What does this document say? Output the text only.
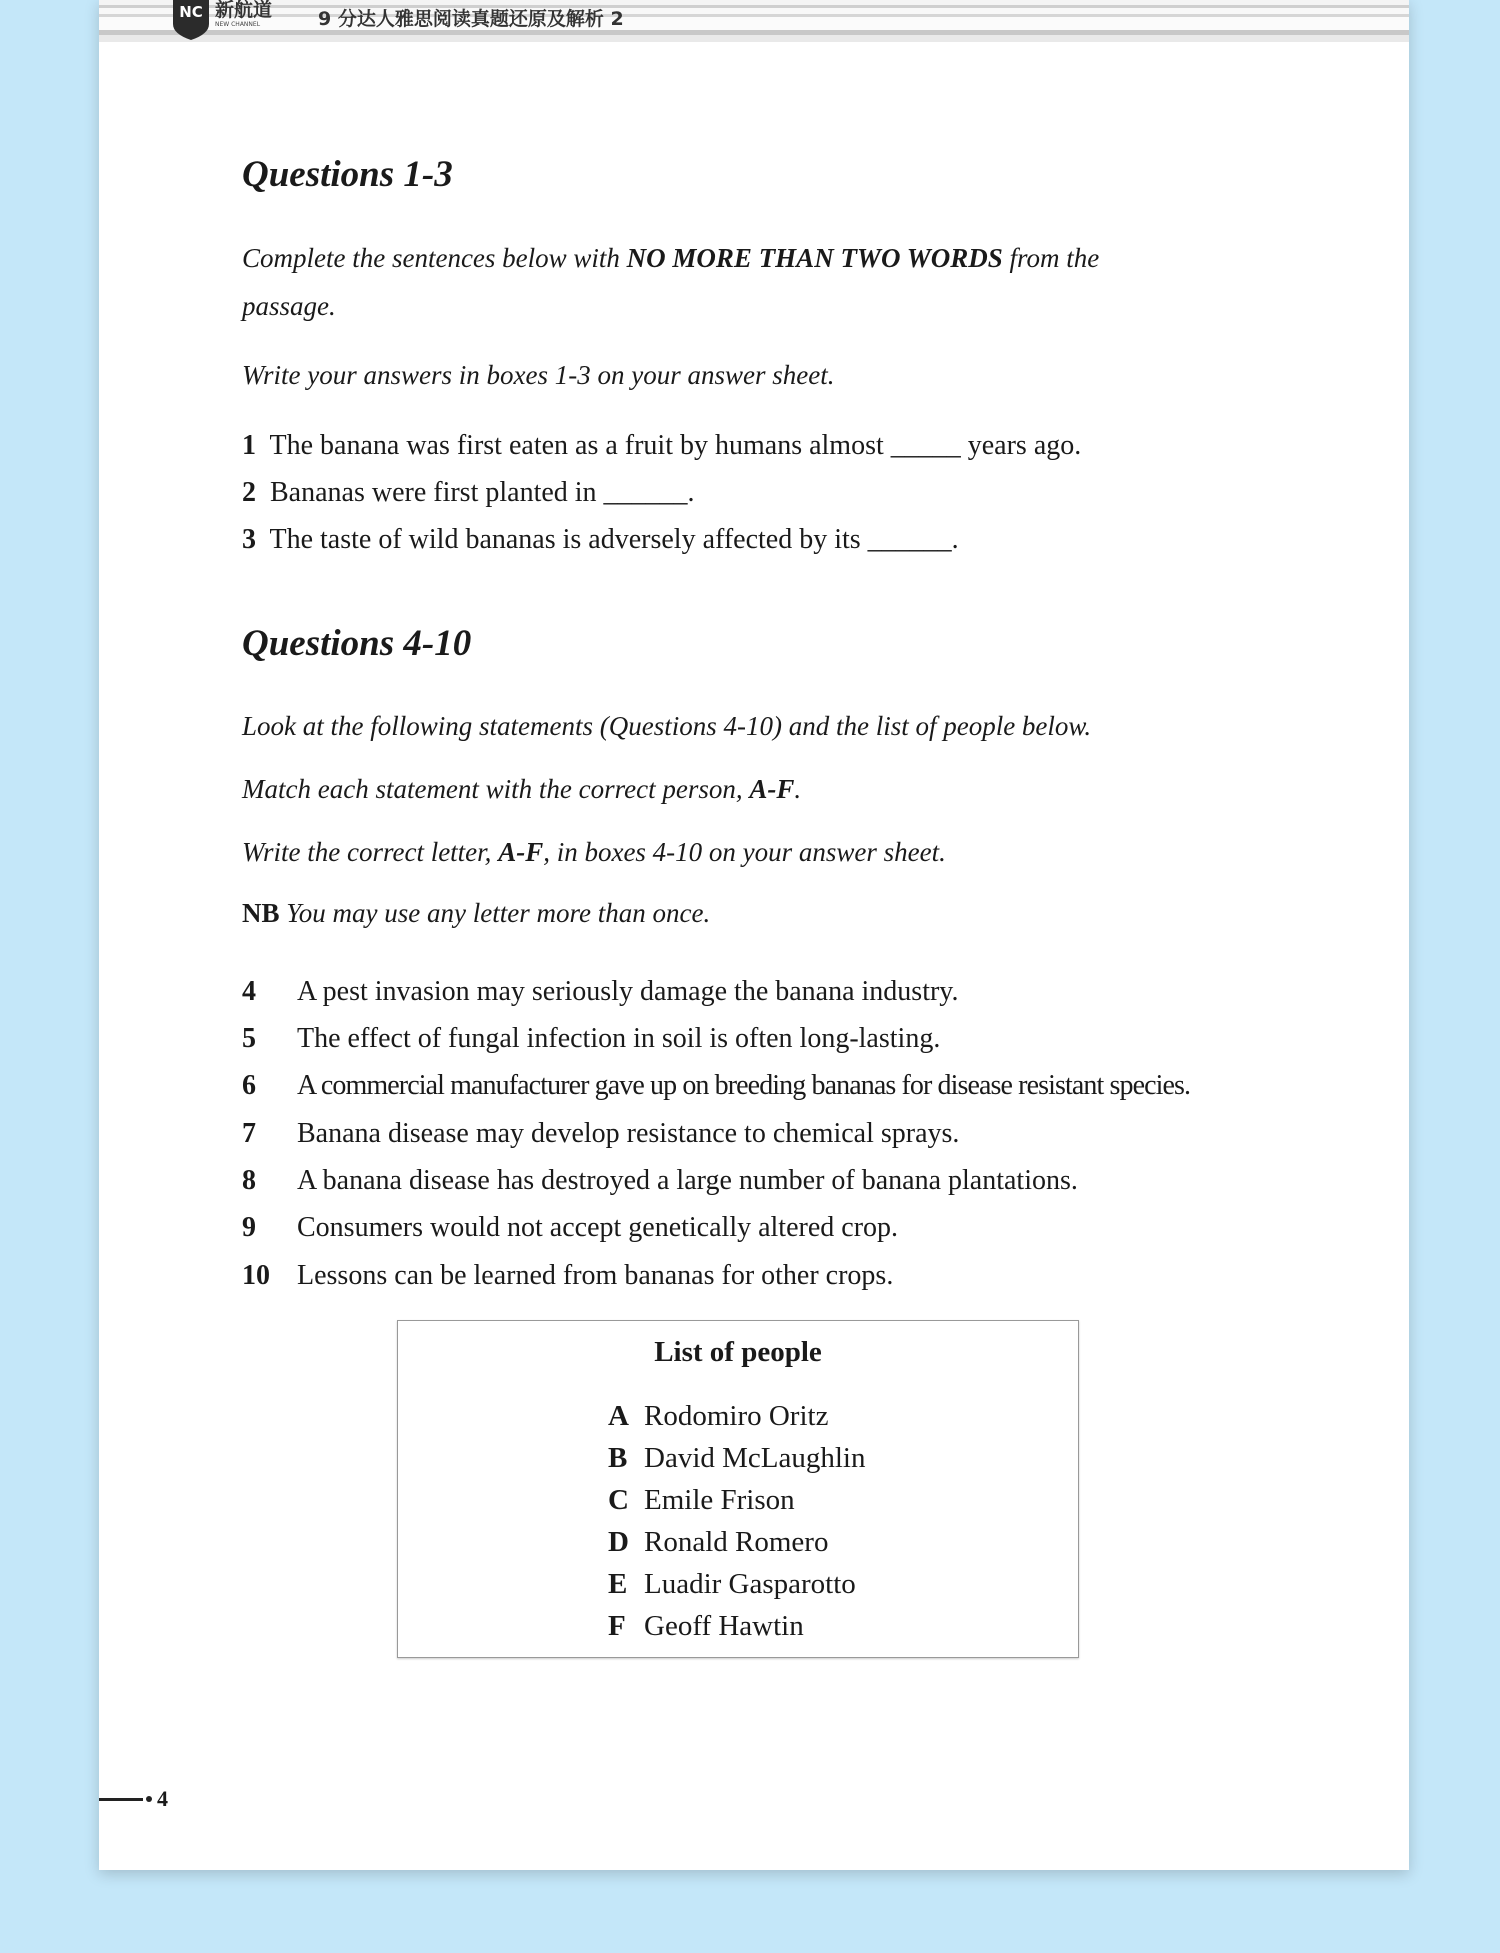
NC 新航道
NEW CHANNEL	9 分达人雅思阅读真题还原及解析 2
Questions 1-3
Complete the sentences below with NO MORE THAN TWO WORDS from the
passage.
Write your answers in boxes 1-3 on your answer sheet.
1 The banana was first eaten as a fruit by humans almost _____ years ago.
2 Bananas were first planted in ______.
3 The taste of wild bananas is adversely affected by its ______.
Questions 4-10
Look at the following statements (Questions 4-10) and the list of people below.
Match each statement with the correct person, A-F.
Write the correct letter, A-F, in boxes 4-10 on your answer sheet.
NB You may use any letter more than once.
4 A pest invasion may seriously damage the banana industry.
5 The effect of fungal infection in soil is often long-lasting.
6 A commercial manufacturer gave up on breeding bananas for disease resistant species.
7 Banana disease may develop resistance to chemical sprays.
8 A banana disease has destroyed a large number of banana plantations.
9 Consumers would not accept genetically altered crop.
10 Lessons can be learned from bananas for other crops.
List of people
A Rodomiro Oritz
B David McLaughlin
C Emile Frison
D Ronald Romero
E Luadir Gasparotto
F Geoff Hawtin
4
